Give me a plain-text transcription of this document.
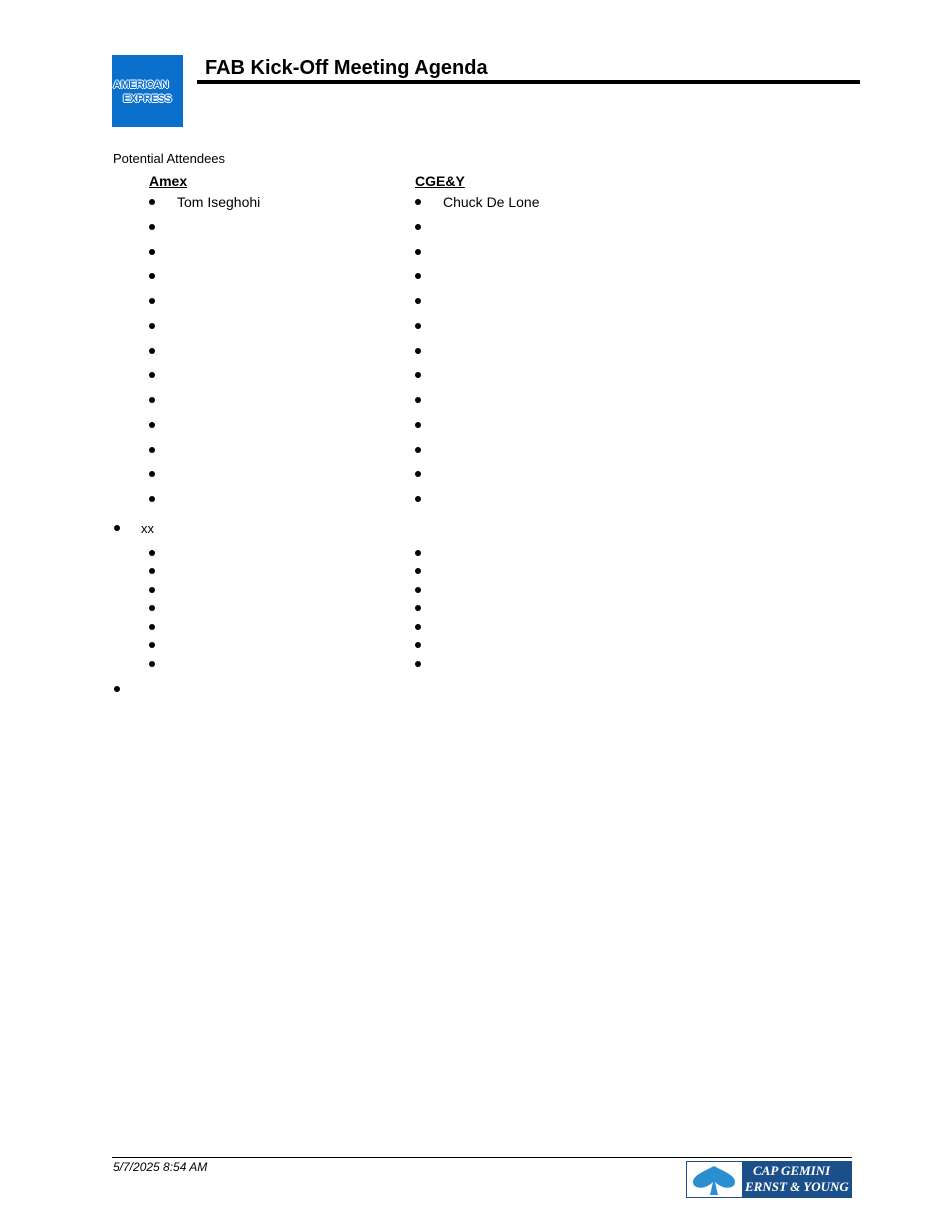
AMERICAN
EXPRESS
FAB Kick-Off Meeting Agenda
Potential Attendees
Amex	CGE&Y
Tom Iseghohi	Chuck De Lone
xx
5/7/2025 8:54 AM	CAP GEMINI
ERNST & YOUNG
